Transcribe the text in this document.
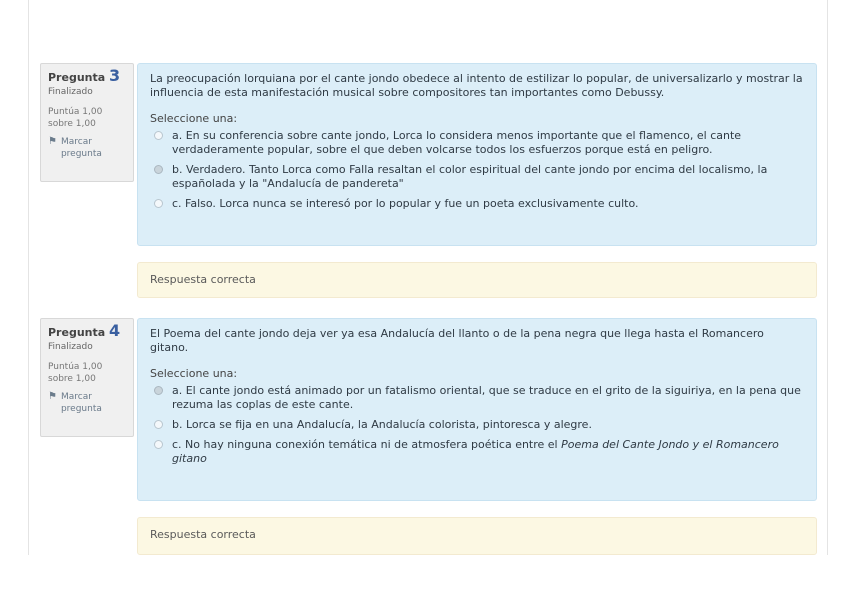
Pregunta 3
Finalizado
Puntúa 1,00
sobre 1,00
⚑ Marcar
pregunta
La preocupación lorquiana por el cante jondo obedece al intento de estilizar lo popular, de universalizarlo y mostrar la influencia de esta manifestación musical sobre compositores tan importantes como Debussy.
Seleccione una:
a. En su conferencia sobre cante jondo, Lorca lo considera menos importante que el flamenco, el cante verdaderamente popular, sobre el que deben volcarse todos los esfuerzos porque está en peligro.
b. Verdadero. Tanto Lorca como Falla resaltan el color espiritual del cante jondo por encima del localismo, la españolada y la "Andalucía de pandereta"
c. Falso. Lorca nunca se interesó por lo popular y fue un poeta exclusivamente culto.
Respuesta correcta
Pregunta 4
Finalizado
Puntúa 1,00
sobre 1,00
⚑ Marcar
pregunta
El Poema del cante jondo deja ver ya esa Andalucía del llanto o de la pena negra que llega hasta el Romancero gitano.
Seleccione una:
a. El cante jondo está animado por un fatalismo oriental, que se traduce en el grito de la siguiriya, en la pena que rezuma las coplas de este cante.
b. Lorca se fija en una Andalucía, la Andalucía colorista, pintoresca y alegre.
c. No hay ninguna conexión temática ni de atmosfera poética entre el Poema del Cante Jondo y el Romancero gitano
Respuesta correcta
